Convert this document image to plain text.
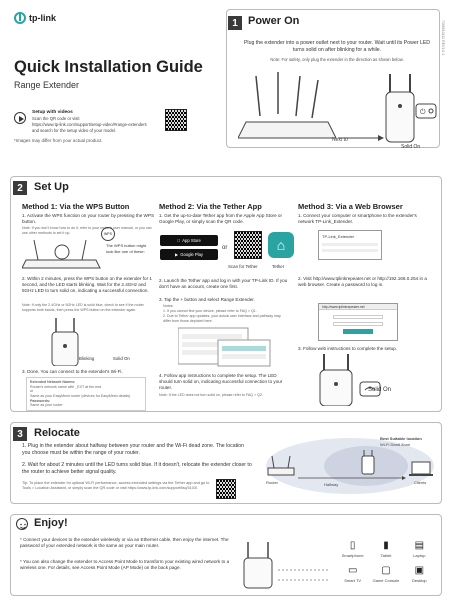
tp-link
Quick Installation Guide
Range Extender
Setup with videos
Scan the QR code or visit
https://www.tp-link.com/support/setup-video/#range-extenders
and search for the setup video of your model.
*Images may differ from your actual product.
1 Power On
Plug the extender into a power outlet next to your router. Wait until its Power LED turns solid on after blinking for a while.
Note: For safety, only plug the extender in the direction as shown below.
7106510112 REV1.0.1
⏻
Next to
Solid On
2	Set Up
Method 1: Via the WPS Button
1. Activate the WPS function on your router by pressing the WPS button.
Note: If you don't know how to do it, refer to your router's user manual, or you can use other methods to set it up.
The WPS button might
look like one of these:
WPS
2. Within 2 minutes, press the WPS button on the extender for 1 second, and the LED starts blinking. Wait for the 2.4GHz and 5GHz LED to turn solid on, indicating a successful connection.
Note: If only the 2.4GHz or 5GHz LED is solid blue, check to see if the router supports both bands, then press the WPS button on the extender again.
Blinking	Solid On
3. Done. You can connect to the extender's Wi-Fi.
Extended Network Names:
Router's network name with _EXT at the end
or
Same as your EasyMesh router (devices for EasyMesh details)
Passwords:
Same as your router
Method 2: Via the Tether App
1. Get the up-to-date Tether app from the Apple App Store or Google Play, or simply scan the QR code.
App Store
▶ Google Play
or	⌂
Scan for Tether	Tether
2. Launch the Tether app and log in with your TP-Link ID. If you don't have an account, create one first.
3. Tap the + button and select Range Extender.
Notes:
1. If you cannot find your device, please refer to FAQ > Q1.
2. Due to Tether app updates, your actual user interface and pathway may differ from those depicted here.
4. Follow app instructions to complete the setup. The LED should turn solid on, indicating successful connection to your router.
Note: If the LED does not turn solid on, please refer to FAQ > Q2.
Method 3: Via a Web Browser
1. Connect your computer or smartphone to the extender's network TP-Link_Extender.
TP-Link_Extender
2. Visit http://www.tplinkrepeater.net or http://192.168.0.254 in a web browser. Create a password to log in.
http://www.tplinkrepeater.net
3. Follow web instructions to complete the setup.
Solid On
3	Relocate
1. Plug in the extender about halfway between your router and the Wi-Fi dead zone. The location you choose must be within the range of your router.
2. Wait for about 2 minutes until the LED turns solid blue. If it doesn't, relocate the extender closer to the router to achieve better signal quality.
Tip: To place the extender for optimal Wi-Fi performance, access extended settings via the Tether app and go to Tools > Location Assistant, or simply scan the QR code or visit https://www.tp-link.com/support/faq/3103/.
Router	Halfway	Clients
Best Suitable location
Wi-Fi Dead Zone
Enjoy!
* Connect your devices to the extender wirelessly or via an Ethernet cable, then enjoy the internet. The password of your extended network is the same as your main router.
* You can also change the extender to Access Point Mode to transform your existing wired network to a wireless one. For details, see Access Point Mode (AP Mode) on the back page.
▯
Smartphone
▮
Tablet
▤
Laptop
▭
Smart TV
▢
Game Console
▣
Desktop
